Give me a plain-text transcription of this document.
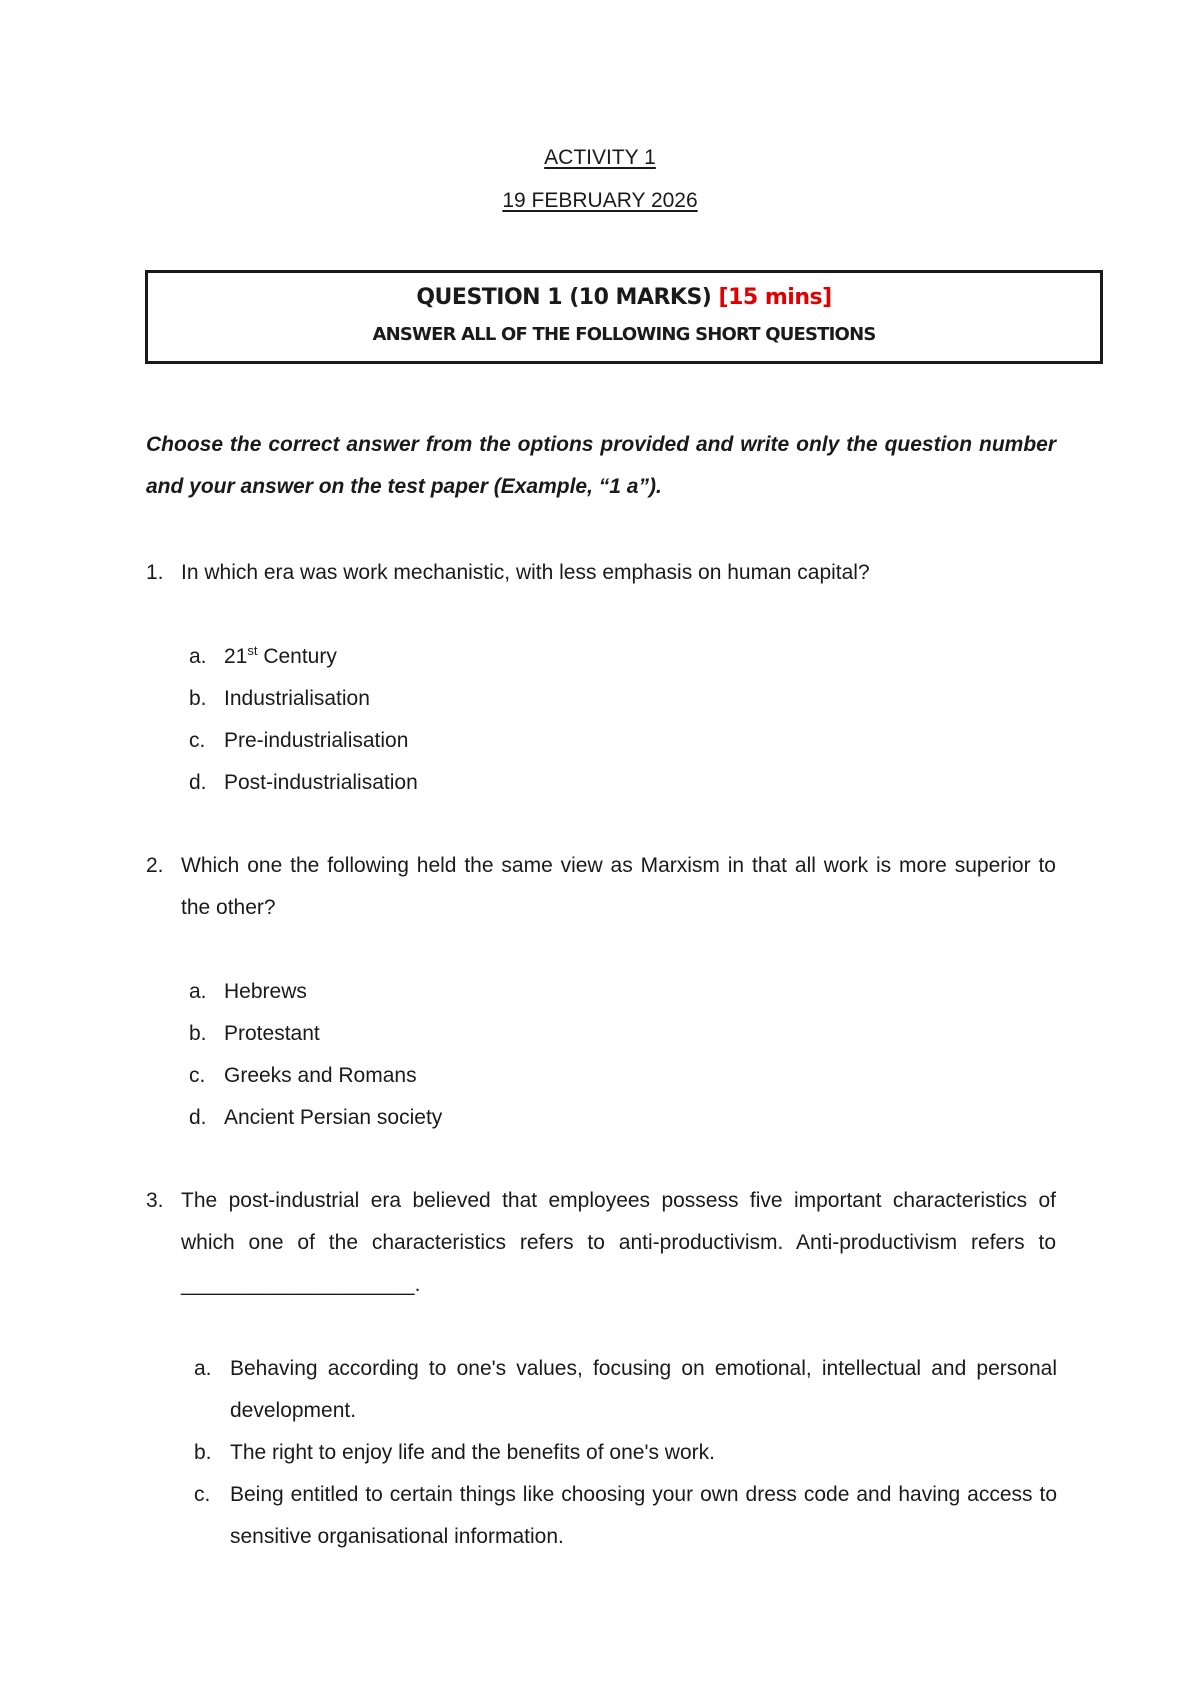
ACTIVITY 1
19 FEBRUARY 2026
QUESTION 1 (10 MARKS) [15 mins]
ANSWER ALL OF THE FOLLOWING SHORT QUESTIONS
Choose the correct answer from the options provided and write only the question number and your answer on the test paper (Example, “1 a”).
1. In which era was work mechanistic, with less emphasis on human capital?
a. 21st Century
b. Industrialisation
c. Pre-industrialisation
d. Post-industrialisation
2. Which one the following held the same view as Marxism in that all work is more superior to the other?
a. Hebrews
b. Protestant
c. Greeks and Romans
d. Ancient Persian society
3. The post-industrial era believed that employees possess five important characteristics of which one of the characteristics refers to anti-productivism. Anti-productivism refers to ____________________.
a. Behaving according to one's values, focusing on emotional, intellectual and personal development.
b. The right to enjoy life and the benefits of one's work.
c. Being entitled to certain things like choosing your own dress code and having access to sensitive organisational information.
